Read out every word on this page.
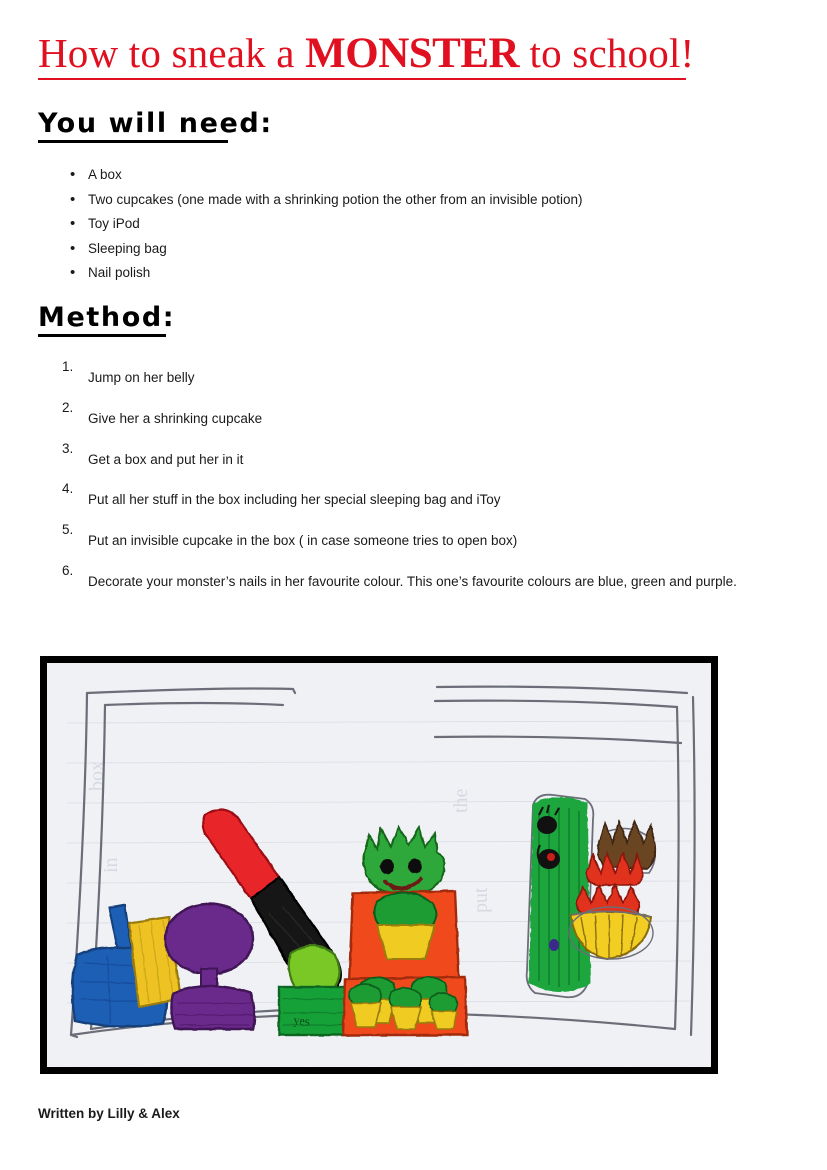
How to sneak a MONSTER to school!
You will need:
• A box
• Two cupcakes (one made with a shrinking potion the other from an invisible potion)
• Toy iPod
• Sleeping bag
• Nail polish
Method:
1.
Jump on her belly
2.
Give her a shrinking cupcake
3.
Get a box and put her in it
4.
Put all her stuff in the box including her special sleeping bag and iToy
5.
Put an invisible cupcake in the box ( in case someone tries to open box)
6.
Decorate your monster’s nails in her favourite colour. This one’s favourite colours are blue, green and purple.
box
in
the
put
yes
Written by Lilly & Alex
